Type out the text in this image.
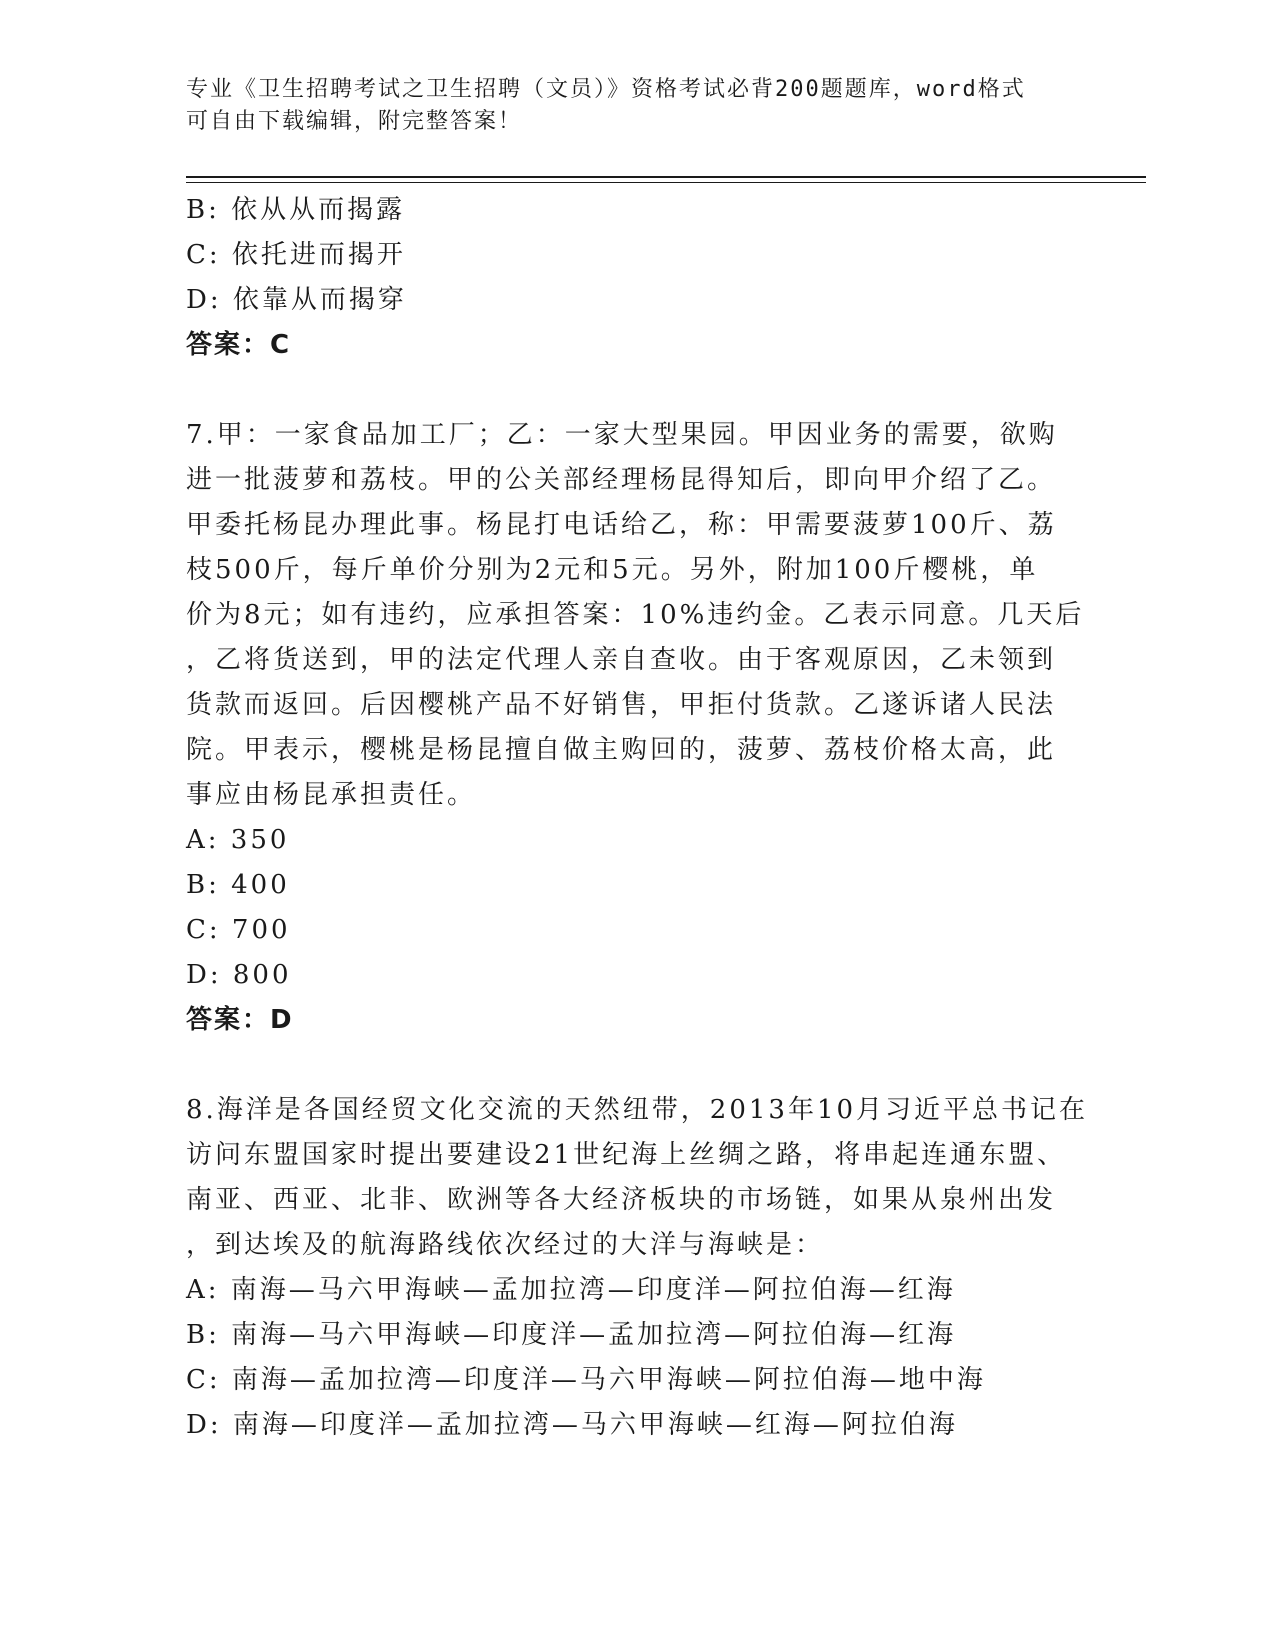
专业《卫生招聘考试之卫生招聘（文员）》资格考试必背200题题库，word格式
可自由下载编辑，附完整答案！
B: 依从从而揭露
C: 依托进而揭开
D: 依靠从而揭穿
答案：C
7.甲：一家食品加工厂；乙：一家大型果园。甲因业务的需要，欲购
进一批菠萝和荔枝。甲的公关部经理杨昆得知后，即向甲介绍了乙。
甲委托杨昆办理此事。杨昆打电话给乙，称：甲需要菠萝100斤、荔
枝500斤，每斤单价分别为2元和5元。另外，附加100斤樱桃，单
价为8元；如有违约，应承担答案：10%违约金。乙表示同意。几天后
，乙将货送到，甲的法定代理人亲自查收。由于客观原因，乙未领到
货款而返回。后因樱桃产品不好销售，甲拒付货款。乙遂诉诸人民法
院。甲表示，樱桃是杨昆擅自做主购回的，菠萝、荔枝价格太高，此
事应由杨昆承担责任。
A: 350
B: 400
C: 700
D: 800
答案：D
8.海洋是各国经贸文化交流的天然纽带，2013年10月习近平总书记在
访问东盟国家时提出要建设21世纪海上丝绸之路，将串起连通东盟、
南亚、西亚、北非、欧洲等各大经济板块的市场链，如果从泉州出发
，到达埃及的航海路线依次经过的大洋与海峡是：
A: 南海—马六甲海峡—孟加拉湾—印度洋—阿拉伯海—红海
B: 南海—马六甲海峡—印度洋—孟加拉湾—阿拉伯海—红海
C: 南海—孟加拉湾—印度洋—马六甲海峡—阿拉伯海—地中海
D: 南海—印度洋—孟加拉湾—马六甲海峡—红海—阿拉伯海
